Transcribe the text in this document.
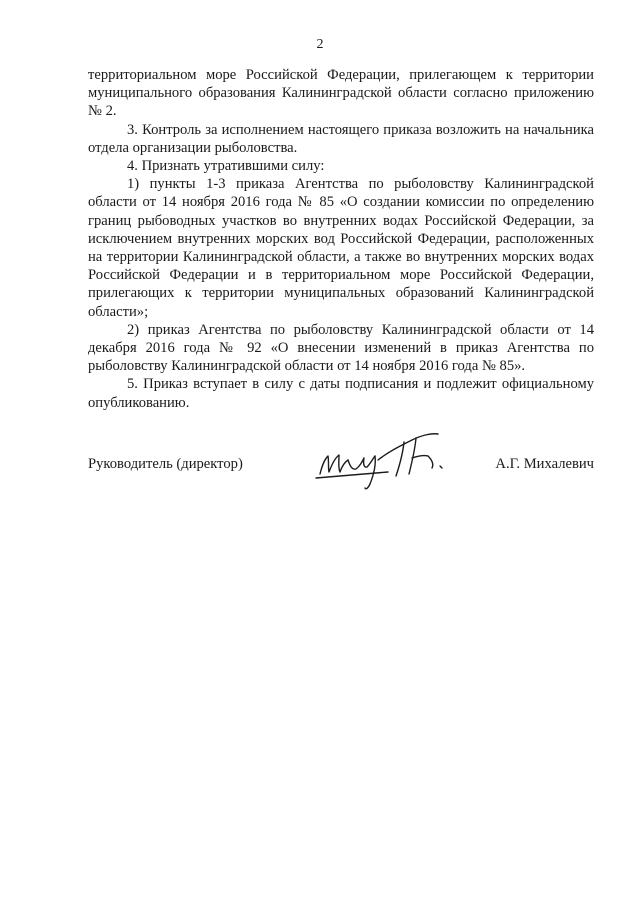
2

территориальном море Российской Федерации, прилегающем к территории муниципального образования Калининградской области согласно приложению № 2.

3. Контроль за исполнением настоящего приказа возложить на начальника отдела организации рыболовства.

4. Признать утратившими силу:

1) пункты 1-3 приказа Агентства по рыболовству Калининградской области от 14 ноября 2016 года № 85 «О создании комиссии по определению границ рыбоводных участков во внутренних водах Российской Федерации, за исключением внутренних морских вод Российской Федерации, расположенных на территории Калининградской области, а также во внутренних морских водах Российской Федерации и в территориальном море Российской Федерации, прилегающих к территории муниципальных образований Калининградской области»;

2) приказ Агентства по рыболовству Калининградской области от 14 декабря 2016 года № 92 «О внесении изменений в приказ Агентства по рыболовству Калининградской области от 14 ноября 2016 года № 85».

5. Приказ вступает в силу с даты подписания и подлежит официальному опубликованию.

Руководитель (директор)	А.Г. Михалевич
